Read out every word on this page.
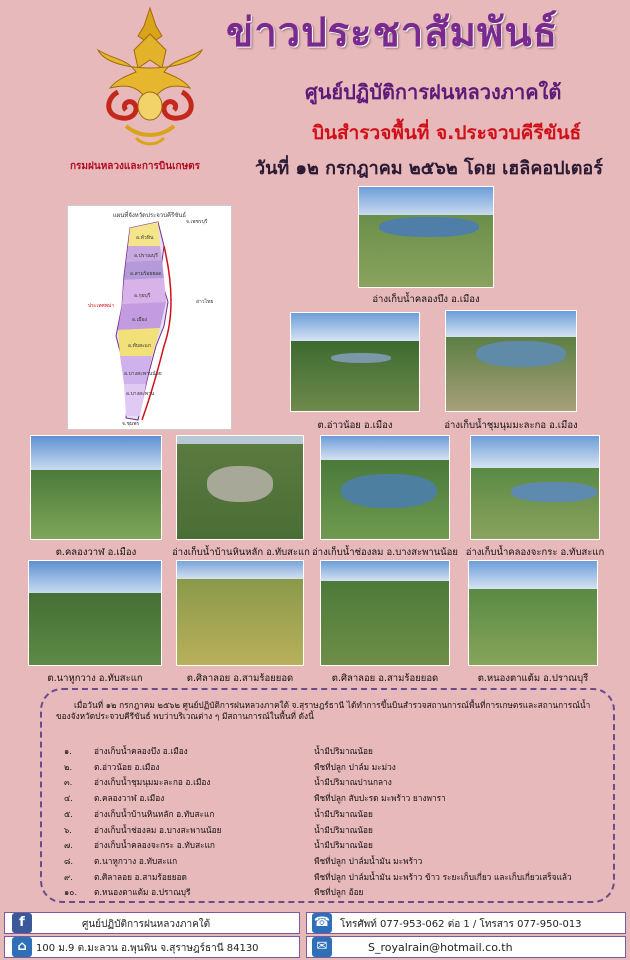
กรมฝนหลวงและการบินเกษตร
ข่าวประชาสัมพันธ์
ศูนย์ปฏิบัติการฝนหลวงภาคใต้
บินสำรวจพื้นที่ จ.ประจวบคีรีขันธ์
วันที่ ๑๒ กรกฎาคม ๒๕๖๒ โดย เฮลิคอปเตอร์
แผนที่จังหวัดประจวบคีรีขันธ์
อ.หัวหิน
อ.ปราณบุรี
อ.สามร้อยยอด
อ.กุยบุรี
อ.เมือง
อ.ทับสะแก
อ.บางสะพาน
อ.บางสะพานน้อย
จ.เพชรบุรี
ประเทศพม่า
อ่าวไทย
จ.ชุมพร
อ่างเก็บน้ำคลองบึง อ.เมือง
ต.อ่าวน้อย อ.เมือง	อ่างเก็บน้ำชุมนุมมะละกอ อ.เมือง
ต.คลองวาฬ อ.เมือง	อ่างเก็บน้ำบ้านหินหลัก อ.ทับสะแก อ่างเก็บน้ำช่องลม อ.บางสะพานน้อย อ่างเก็บน้ำคลองจะกระ อ.ทับสะแก
ต.นาหูกวาง อ.ทับสะแก	ต.ศิลาลอย อ.สามร้อยยอด	ต.ศิลาลอย อ.สามร้อยยอด	ต.หนองตาแต้ม อ.ปราณบุรี
เมื่อวันที่ ๑๒ กรกฎาคม ๒๕๖๒ ศูนย์ปฏิบัติการฝนหลวงภาคใต้ จ.สุราษฎร์ธานี ได้ทำการขึ้นบินสำรวจสถานการณ์พื้นที่การเกษตรและสถานการณ์น้ำ ของจังหวัดประจวบคีรีขันธ์ พบว่าบริเวณต่าง ๆ มีสถานการณ์ในพื้นที่ ดังนี้
๑.	อ่างเก็บน้ำคลองบึง อ.เมือง	น้ำมีปริมาณน้อย
๒.	ต.อ่าวน้อย อ.เมือง	พืชที่ปลูก ปาล์ม มะม่วง
๓.	อ่างเก็บน้ำชุมนุมมะละกอ อ.เมือง	น้ำมีปริมาณปานกลาง
๔.	ต.คลองวาฬ อ.เมือง	พืชที่ปลูก สับปะรด มะพร้าว ยางพารา
๕.	อ่างเก็บน้ำบ้านหินหลัก อ.ทับสะแก	น้ำมีปริมาณน้อย
๖.	อ่างเก็บน้ำช่องลม อ.บางสะพานน้อย	น้ำมีปริมาณน้อย
๗.	อ่างเก็บน้ำคลองจะกระ อ.ทับสะแก	น้ำมีปริมาณน้อย
๘.	ต.นาหูกวาง อ.ทับสะแก	พืชที่ปลูก ปาล์มน้ำมัน มะพร้าว
๙.	ต.ศิลาลอย อ.สามร้อยยอด	พืชที่ปลูก ปาล์มน้ำมัน มะพร้าว ข้าว ระยะเก็บเกี่ยว และเก็บเกี่ยวเสร็จแล้ว
๑๐. ต.หนองตาแต้ม อ.ปราณบุรี	พืชที่ปลูก อ้อย
f	ศูนย์ปฏิบัติการฝนหลวงภาคใต้	☎ โทรศัพท์ 077-953-062 ต่อ 1 / โทรสาร 077-950-013
⌂ 100 ม.9 ต.มะลวน อ.พุนพิน จ.สุราษฎร์ธานี 84130	✉	S_royalrain@hotmail.co.th
